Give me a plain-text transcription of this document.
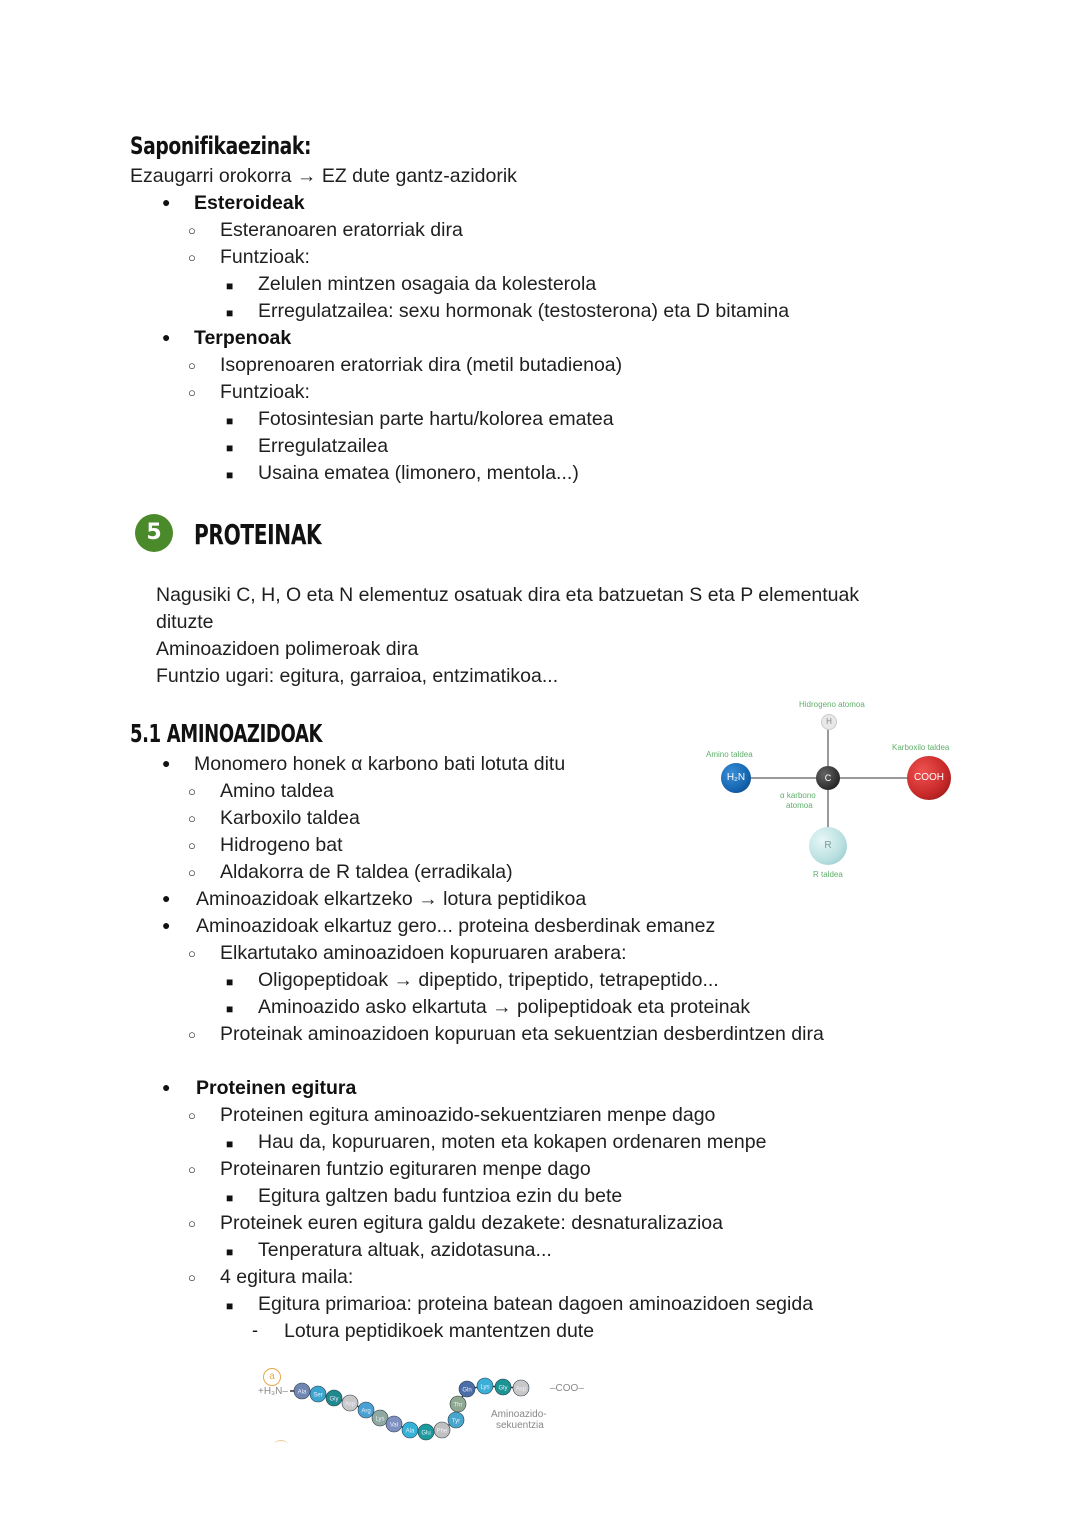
Saponifikaezinak:
Ezaugarri orokorra → EZ dute gantz-azidorik
●
Esteroideak
○
Esteranoaren eratorriak dira
○
Funtzioak:
■
Zelulen mintzen osagaia da kolesterola
■
Erregulatzailea: sexu hormonak (testosterona) eta D bitamina
●
Terpenoak
○
Isoprenoaren eratorriak dira (metil butadienoa)
○
Funtzioak:
■
Fotosintesian parte hartu/kolorea ematea
■
Erregulatzailea
■
Usaina ematea (limonero, mentola...)
5	PROTEINAK
Nagusiki C, H, O eta N elementuz osatuak dira eta batzuetan S eta P elementuak
dituzte
Aminoazidoen polimeroak dira
Funtzio ugari: egitura, garraioa, entzimatikoa...
5.1 AMINOAZIDOAK
●
Monomero honek α karbono bati lotuta ditu
○
Amino taldea
○
Karboxilo taldea
○
Hidrogeno bat
○
Aldakorra de R taldea (erradikala)
●
Aminoazidoak elkartzeko → lotura peptidikoa
●
Aminoazidoak elkartuz gero... proteina desberdinak emanez
○
Elkartutako aminoazidoen kopuruaren arabera:
■
Oligopeptidoak → dipeptido, tripeptido, tetrapeptido...
■
Aminoazido asko elkartuta → polipeptidoak eta proteinak
○
Proteinak aminoazidoen kopuruan eta sekuentzian desberdintzen dira
Hidrogeno atomoa
H
Amino taldea
H₂N	C
α karbono
atomoa
Karboxilo taldea
COOH
R
R taldea
●
Proteinen egitura
○
Proteinen egitura aminoazido-sekuentziaren menpe dago
■
Hau da, kopuruaren, moten eta kokapen ordenaren menpe
○
Proteinaren funtzio egituraren menpe dago
■
Egitura galtzen badu funtzioa ezin du bete
○
Proteinek euren egitura galdu dezakete: desnaturalizazioa
■
Tenperatura altuak, azidotasuna...
○
4 egitura maila:
■
Egitura primarioa: proteina batean dagoen aminoazidoen segida
-
Lotura peptidikoek mantentzen dute
a
+H₃N– Ala Ser
Gly
Asp
Arg
Lys
Val
Ala Glu Phe
Tyr
Thr
Gln Lys Gly Asp –COO–
Aminoazido-
sekuentzia
